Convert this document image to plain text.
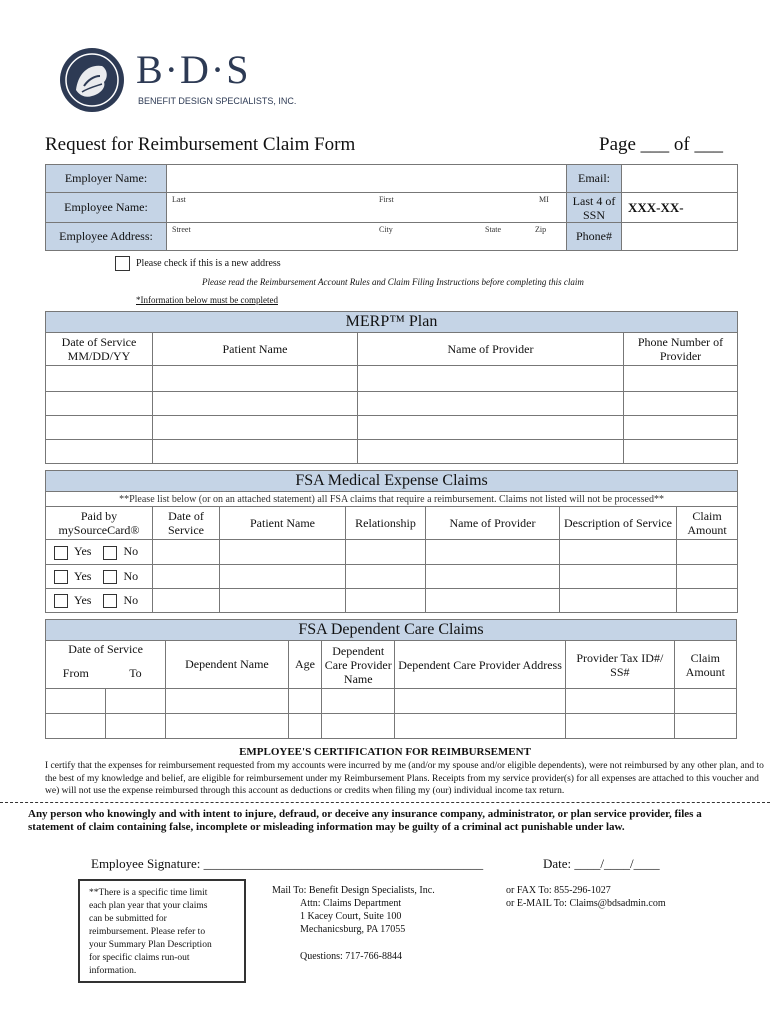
B·D·S
BENEFIT DESIGN SPECIALISTS, INC.
Request for Reimbursement Claim Form	Page ___ of ___
Employer Name:		Email:	
Employee Name:	Last First MI	Last 4 of SSN	XXX-XX-
Employee Address:	Street City State Zip	Phone#	
Please check if this is a new address
Please read the Reimbursement Account Rules and Claim Filing Instructions before completing this claim
*Information below must be completed
MERP™ Plan			
Date of Service MM/DD/YY	Patient Name	Name of Provider	Phone Number of Provider

FSA Medical Expense Claims						
**Please list below (or on an attached statement) all FSA claims that require a reimbursement. Claims not listed will not be processed**						
Paid by mySourceCard®	Date of Service	Patient Name	Relationship	Name of Provider	Description of Service	Claim Amount
Yes No						
Yes No						
Yes No						
FSA Dependent Care Claims							
Date of Service		Dependent Name	Age	Dependent Care Provider Name	Dependent Care Provider Address	Provider Tax ID#/ SS#	Claim Amount
From	To						

EMPLOYEE'S CERTIFICATION FOR REIMBURSEMENT
I certify that the expenses for reimbursement requested from my accounts were incurred by me (and/or my spouse and/or eligible dependents), were not reimbursed by any other plan, and to
the best of my knowledge and belief, are eligible for reimbursement under my Reimbursement Plans. Receipts from my service provider(s) for all expenses are attached to this voucher and
we) will not use the expense reimbursed through this account as deductions or credits when filing my (our) individual income tax return.
Any person who knowingly and with intent to injure, defraud, or deceive any insurance company, administrator, or plan service provider, files a
statement of claim containing false, incomplete or misleading information may be guilty of a criminal act punishable under law.
Employee Signature: ___________________________________________	Date: ____/____/____
**There is a specific time limit
each plan year that your claims
can be submitted for
reimbursement. Please refer to
your Summary Plan Description
for specific claims run-out
information.
Mail To: Benefit Design Specialists, Inc.
Attn: Claims Department
1 Kacey Court, Suite 100
Mechanicsburg, PA 17055
Questions: 717-766-8844
or FAX To: 855-296-1027
or E-MAIL To: Claims@bdsadmin.com
